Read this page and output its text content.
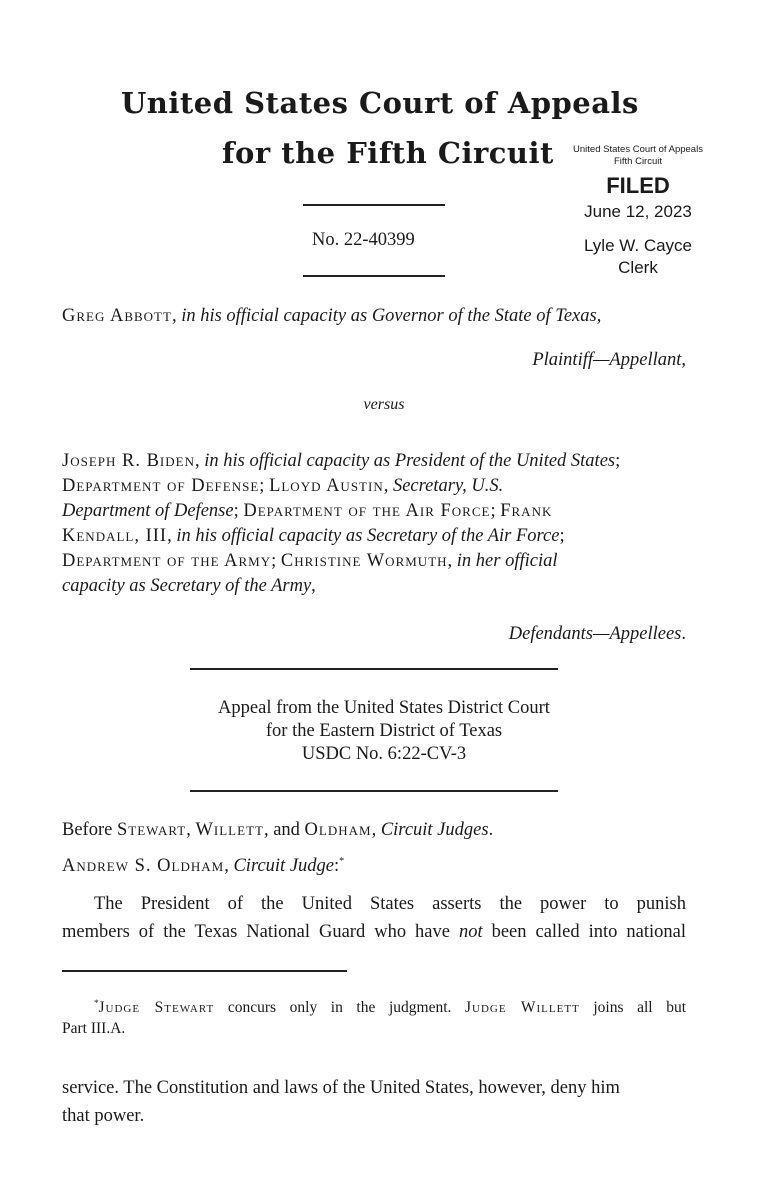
United States Court of Appeals
for the Fifth Circuit
No. 22-40399
United States Court of Appeals
Fifth Circuit
FILED
June 12, 2023
Lyle W. Cayce
Clerk
Greg Abbott, in his official capacity as Governor of the State of Texas,
Plaintiff—Appellant,
versus
Joseph R. Biden, in his official capacity as President of the United States;
Department of Defense; Lloyd Austin, Secretary, U.S.
Department of Defense; Department of the Air Force; Frank
Kendall, III, in his official capacity as Secretary of the Air Force;
Department of the Army; Christine Wormuth, in her official
capacity as Secretary of the Army,
Defendants—Appellees.
Appeal from the United States District Court
for the Eastern District of Texas
USDC No. 6:22-CV-3
Before Stewart, Willett, and Oldham, Circuit Judges.
Andrew S. Oldham, Circuit Judge:*
The President of the United States asserts the power to punish
members of the Texas National Guard who have not been called into national
*Judge Stewart concurs only in the judgment. Judge Willett joins all but
Part III.A.
service. The Constitution and laws of the United States, however, deny him
that power.
